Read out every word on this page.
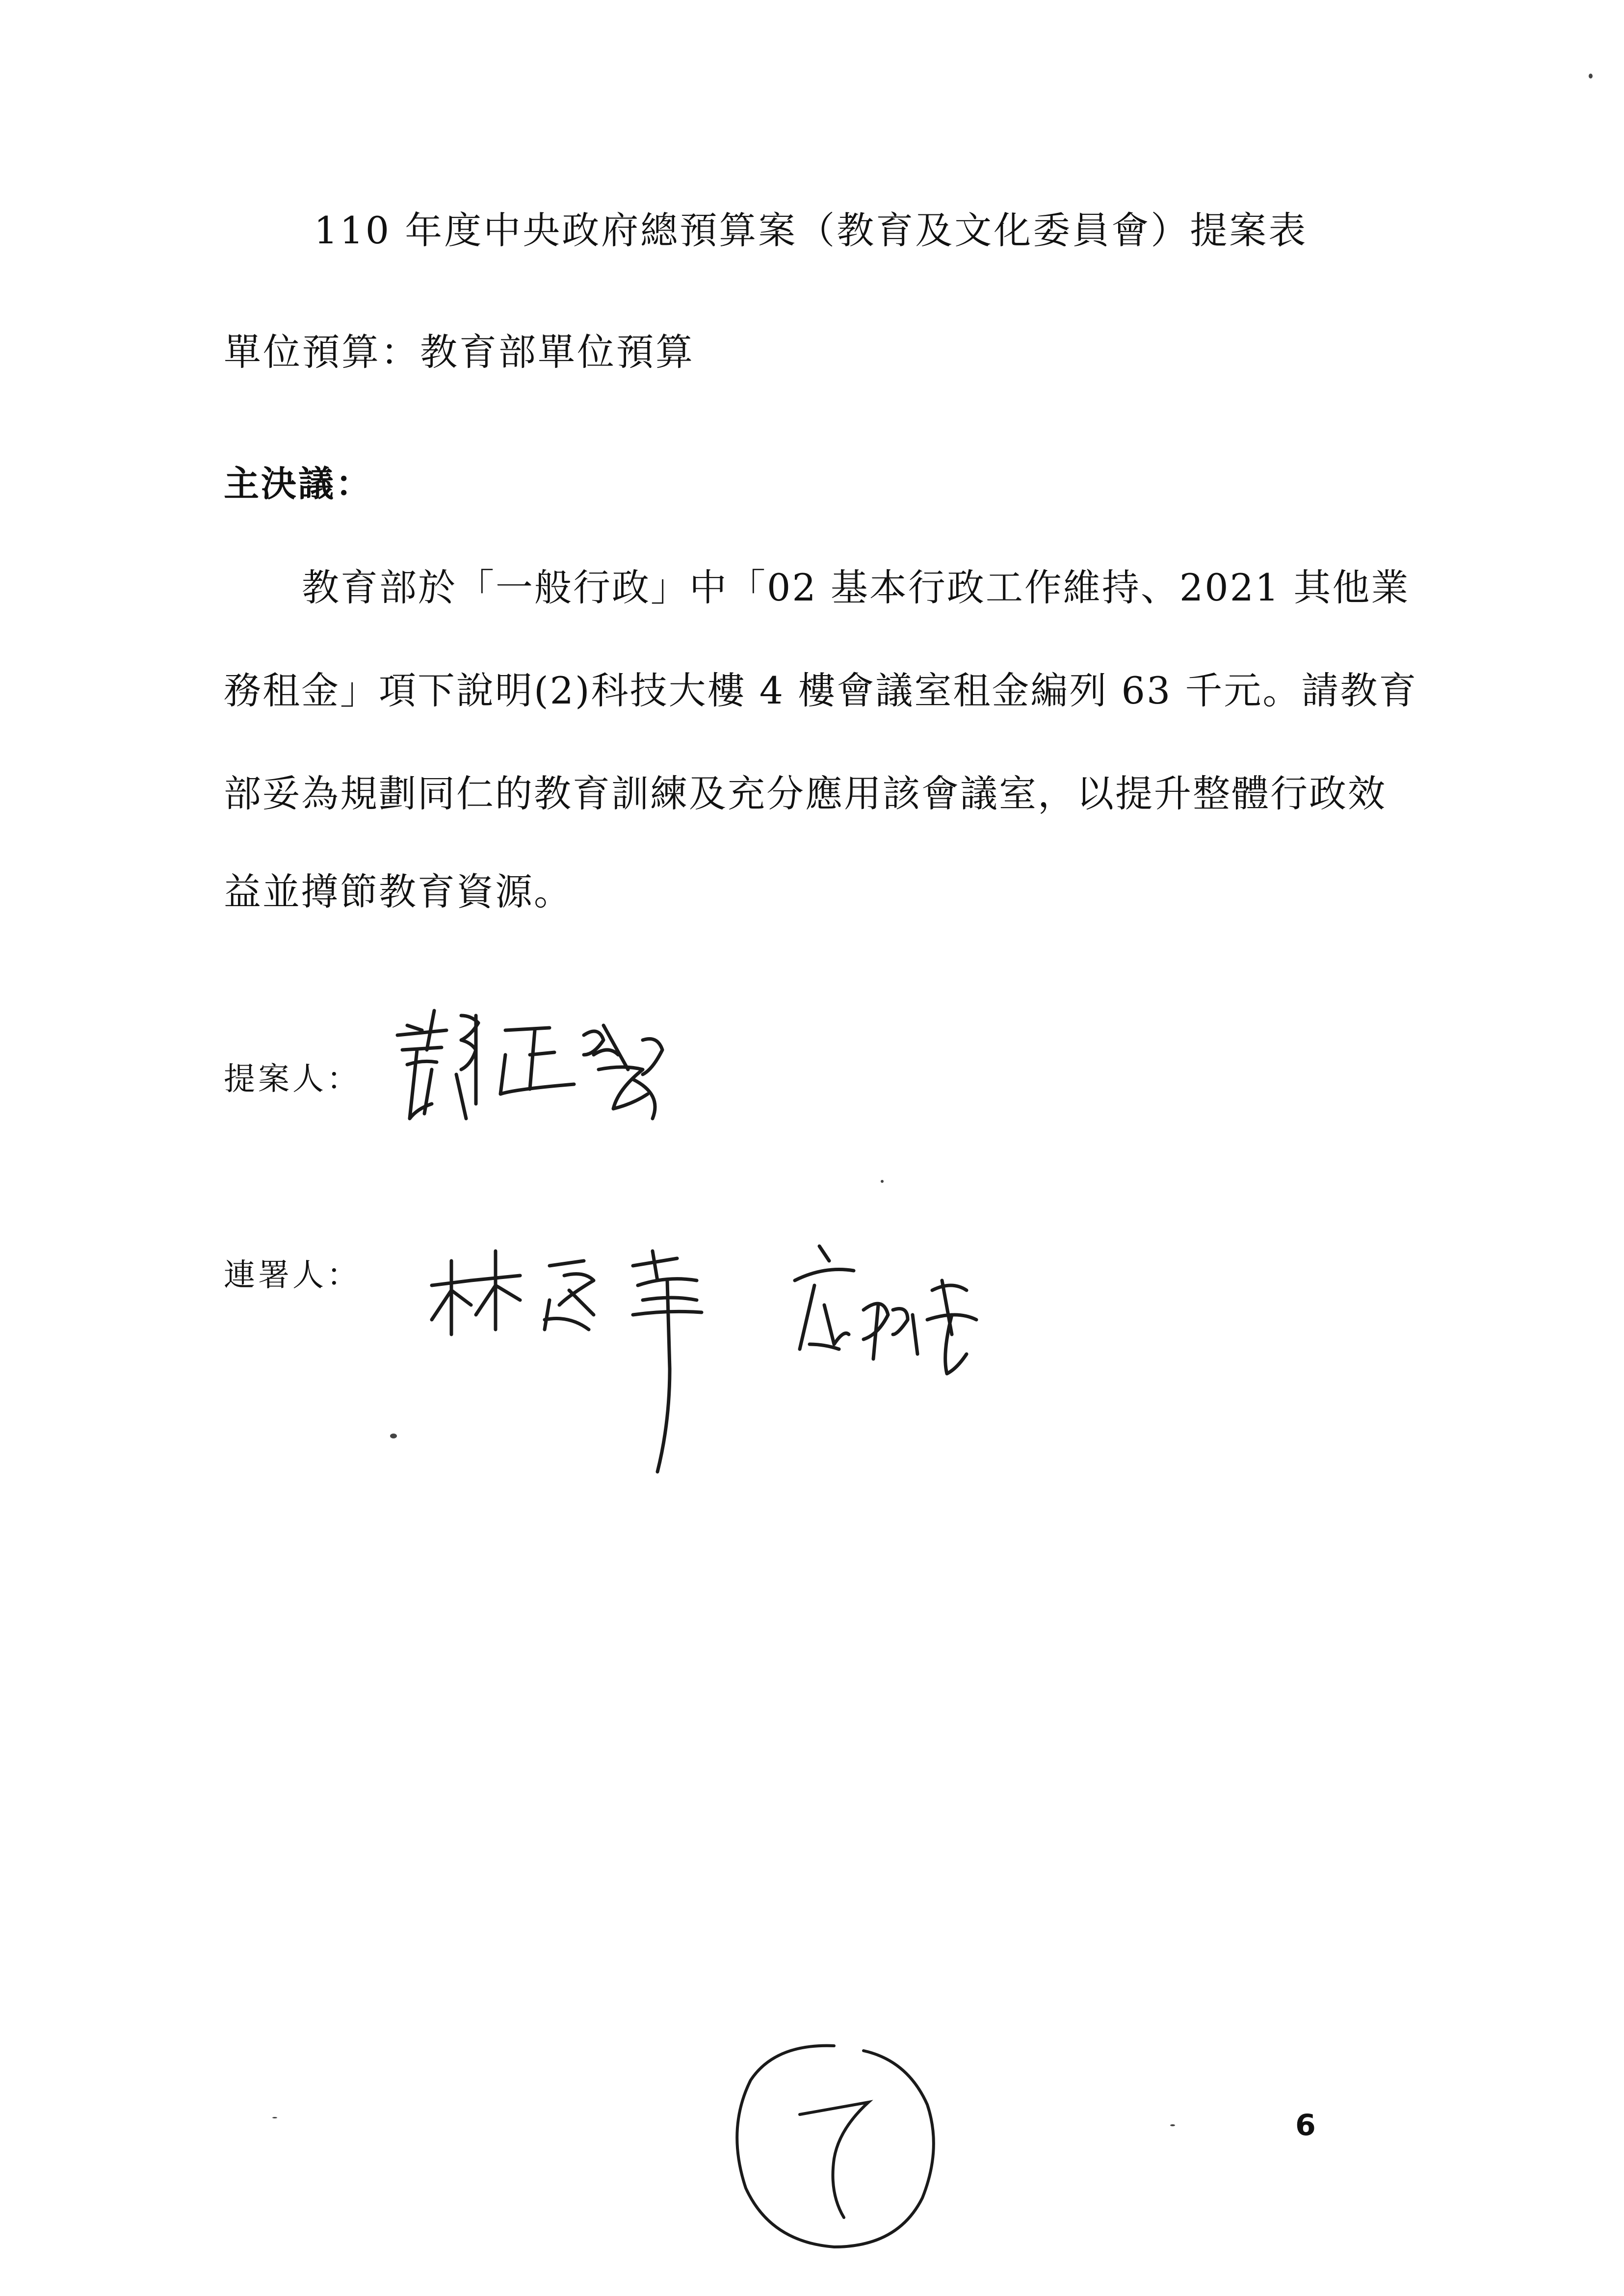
110 年度中央政府總預算案（教育及文化委員會）提案表
單位預算：教育部單位預算
主決議：
教育部於「一般行政」中「02 基本行政工作維持、2021 其他業
務租金」項下說明(2)科技大樓 4 樓會議室租金編列 63 千元。請教育
部妥為規劃同仁的教育訓練及充分應用該會議室，以提升整體行政效
益並撙節教育資源。
提案人：
連署人：
6
